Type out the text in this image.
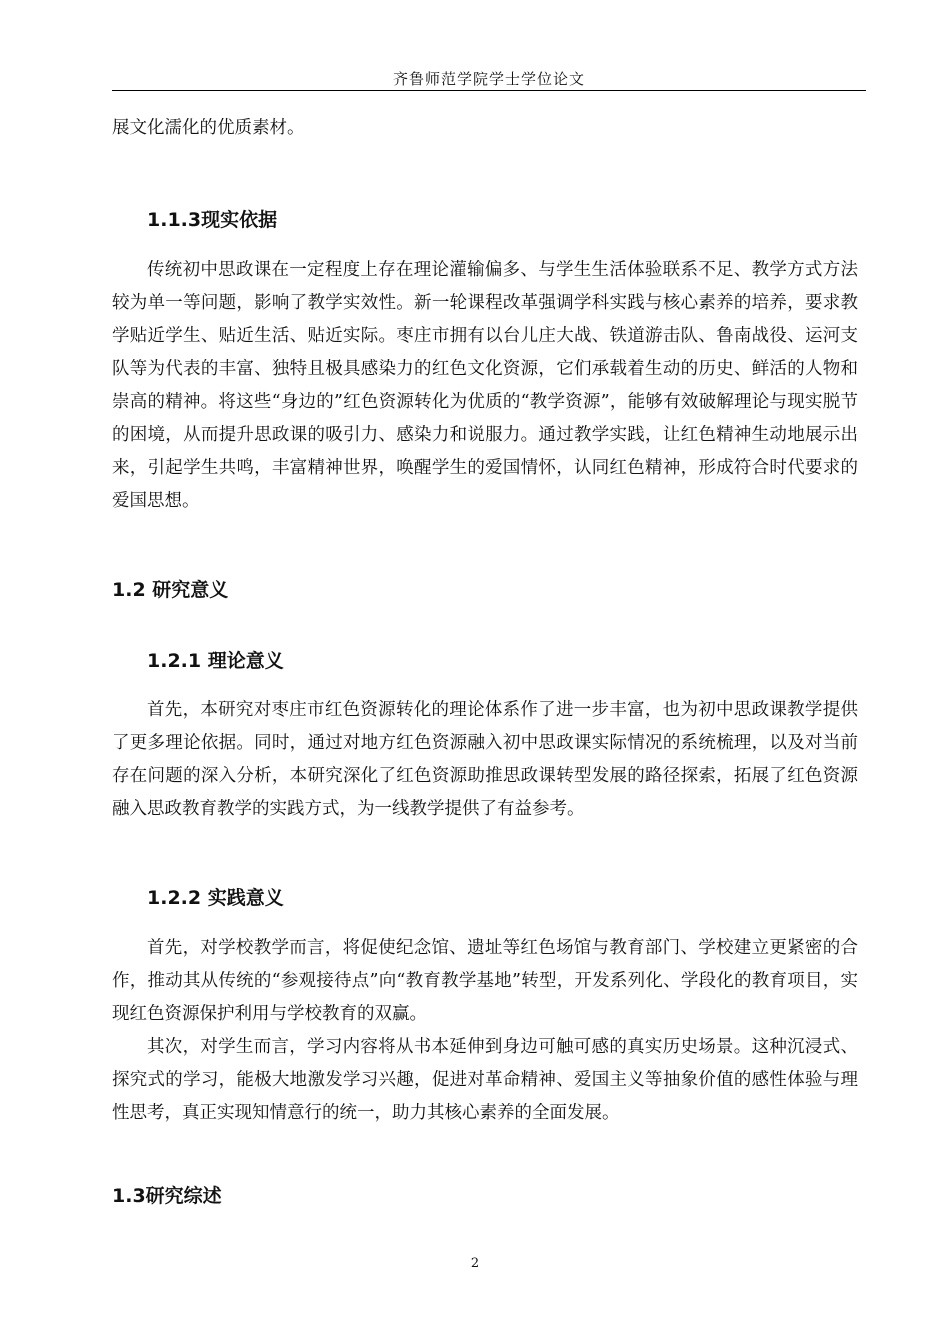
齐鲁师范学院学士学位论文
展文化濡化的优质素材。
1.1.3现实依据
传统初中思政课在一定程度上存在理论灌输偏多、与学生生活体验联系不足、教学方式方法较为单一等问题，影响了教学实效性。新一轮课程改革强调学科实践与核心素养的培养，要求教学贴近学生、贴近生活、贴近实际。枣庄市拥有以台儿庄大战、铁道游击队、鲁南战役、运河支队等为代表的丰富、独特且极具感染力的红色文化资源，它们承载着生动的历史、鲜活的人物和崇高的精神。将这些“身边的”红色资源转化为优质的“教学资源”，能够有效破解理论与现实脱节的困境，从而提升思政课的吸引力、感染力和说服力。通过教学实践，让红色精神生动地展示出来，引起学生共鸣，丰富精神世界，唤醒学生的爱国情怀，认同红色精神，形成符合时代要求的爱国思想。
1.2 研究意义
1.2.1 理论意义
首先，本研究对枣庄市红色资源转化的理论体系作了进一步丰富，也为初中思政课教学提供了更多理论依据。同时，通过对地方红色资源融入初中思政课实际情况的系统梳理，以及对当前存在问题的深入分析，本研究深化了红色资源助推思政课转型发展的路径探索，拓展了红色资源融入思政教育教学的实践方式，为一线教学提供了有益参考。
1.2.2 实践意义
首先，对学校教学而言，将促使纪念馆、遗址等红色场馆与教育部门、学校建立更紧密的合作，推动其从传统的“参观接待点”向“教育教学基地”转型，开发系列化、学段化的教育项目，实现红色资源保护利用与学校教育的双赢。
其次，对学生而言，学习内容将从书本延伸到身边可触可感的真实历史场景。这种沉浸式、探究式的学习，能极大地激发学习兴趣，促进对革命精神、爱国主义等抽象价值的感性体验与理性思考，真正实现知情意行的统一，助力其核心素养的全面发展。
1.3研究综述
2
